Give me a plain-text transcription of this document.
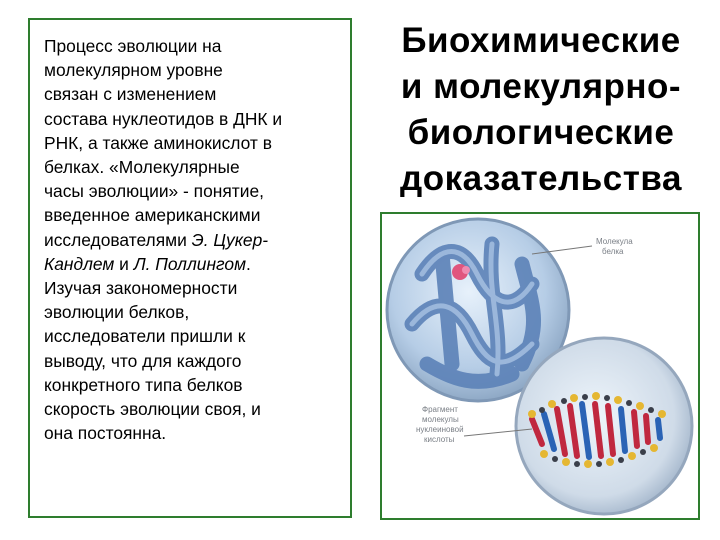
Процесс эволюции на
молекулярном уровне
связан с изменением
состава нуклеотидов в ДНК и
РНК, а также аминокислот в
белках. «Молекулярные
часы эволюции» - понятие,
введенное американскими
исследователями Э. Цукер-
Кандлем и Л. Поллингом.
Изучая закономерности
эволюции белков,
исследователи пришли к
выводу, что для каждого
конкретного типа белков
скорость эволюции своя, и
она постоянна.

Биохимические
и молекулярно-
биологические
доказательства
Молекула
белка
Фрагмент
молекулы
нуклеиновой
кислоты
